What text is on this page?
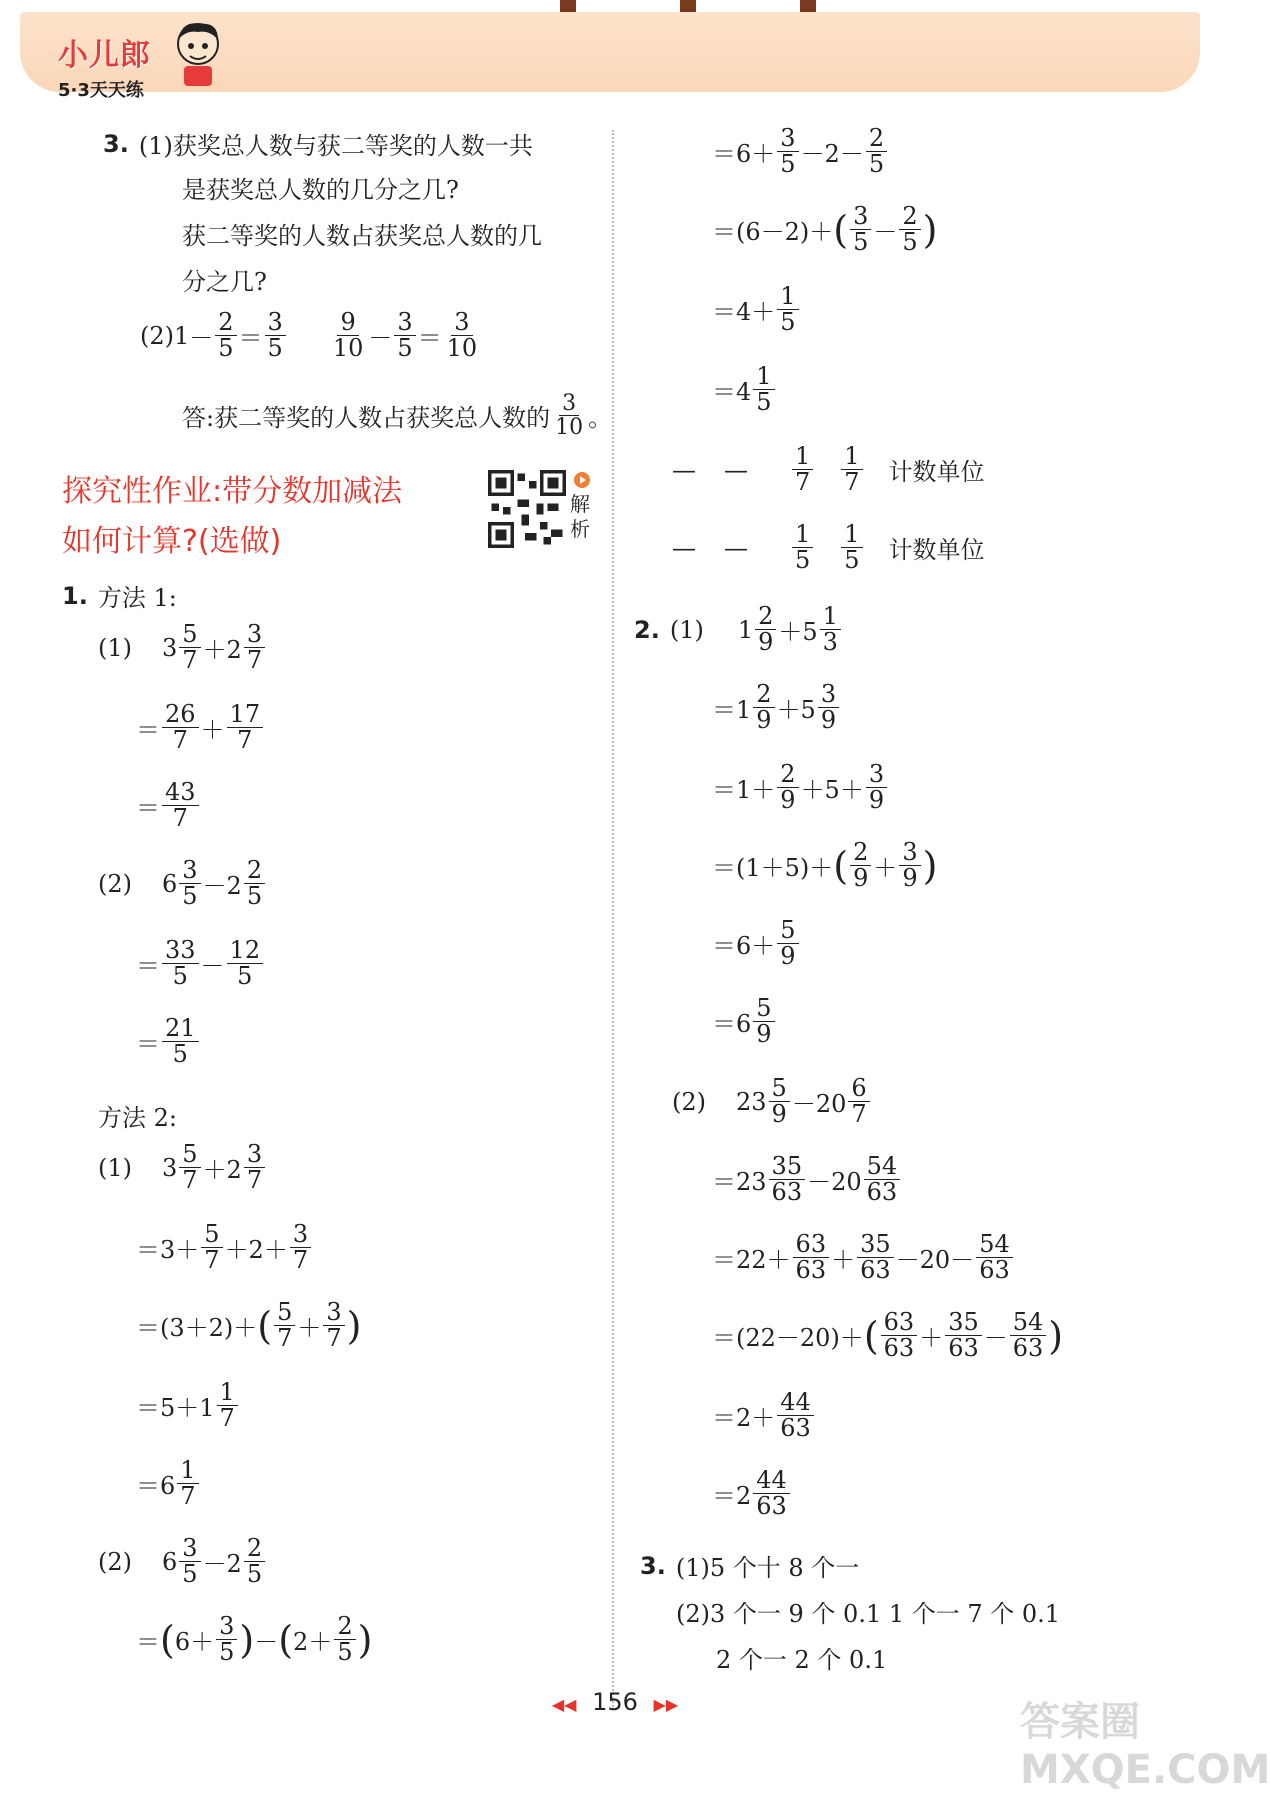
小儿郎
5·3天天练
3. (1)获奖总人数与获二等奖的人数一共
是获奖总人数的几分之几?
获二等奖的人数占获奖总人数的几
分之几?
$(2)1 - \frac{2}{5} = \frac{3}{5} \frac{9}{10} - \frac{3}{5} = \frac{3}{10}$
答:获二等奖的人数占获奖总人数的 $\frac{3}{10}$ 。
探究性作业:带分数加减法
如何计算?(选做)
解析
1. 方法 1:
(1) $3 \frac{5}{7} +2 \frac{3}{7}$
＝ $\frac{26}{7} + \frac{17}{7}$
＝ $\frac{43}{7}$
(2) $6 \frac{3}{5} -2 \frac{2}{5}$
＝ $\frac{33}{5} - \frac{12}{5}$
＝ $\frac{21}{5}$
方法 2:
(1) $3 \frac{5}{7} +2 \frac{3}{7}$
$=3+ \frac{5}{7} +2+ \frac{3}{7}$
＝(3＋2)＋ ( $\frac{5}{7} + \frac{3}{7}$ )
$=5+1 \frac{1}{7}$
$=6 \frac{1}{7}$
(2) $6 \frac{3}{5} -2 \frac{2}{5}$
＝ ( $6+ \frac{3}{5}$ ) － ( $2+ \frac{2}{5}$ )
$=6+ \frac{3}{5} -2- \frac{2}{5}$
＝(6－2)＋ ( $\frac{3}{5} - \frac{2}{5}$ )
$=4+ \frac{1}{5}$
$=4 \frac{1}{5}$
— — $\frac{1}{7} \frac{1}{7}$ 计数单位
— — $\frac{1}{5} \frac{1}{5}$ 计数单位
2. (1) $1 \frac{2}{9} +5 \frac{1}{3}$
$=1 \frac{2}{9} +5 \frac{3}{9}$
$=1+ \frac{2}{9} +5+ \frac{3}{9}$
＝(1＋5)＋ ( $\frac{2}{9} + \frac{3}{9}$ )
$=6+ \frac{5}{9}$
$=6 \frac{5}{9}$
(2) $23 \frac{5}{9} -20 \frac{6}{7}$
$=23 \frac{35}{63} -20 \frac{54}{63}$
$=22+ \frac{63}{63} + \frac{35}{63} -20- \frac{54}{63}$
＝(22－20)＋ ( $\frac{63}{63} + \frac{35}{63} - \frac{54}{63}$ )
$=2+ \frac{44}{63}$
$=2 \frac{44}{63}$
3. (1)5 个十 8 个一
(2)3 个一 9 个 0.1 1 个一 7 个 0.1
2 个一 2 个 0.1
◀◀ 156 ▶▶	答案圈 MXQE.COM
